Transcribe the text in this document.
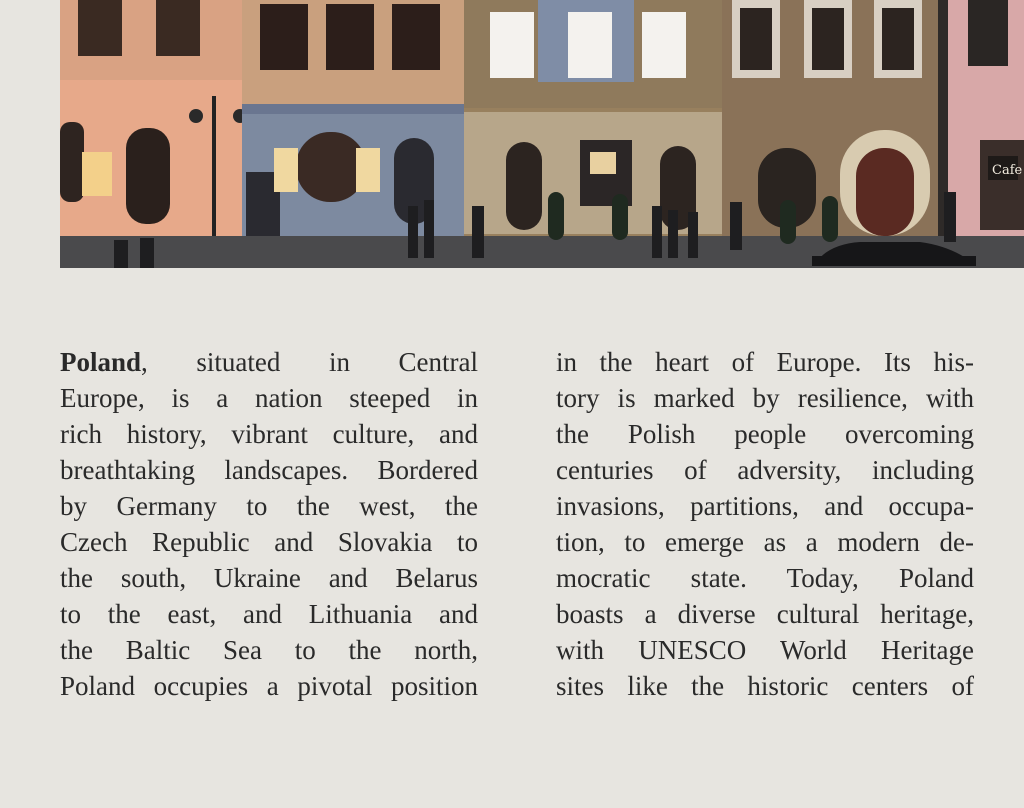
Cafe
Poland, situated in Central
Europe, is a nation steeped in
rich history, vibrant culture, and
breathtaking landscapes. Bordered
by Germany to the west, the
Czech Republic and Slovakia to
the south, Ukraine and Belarus
to the east, and Lithuania and
the Baltic Sea to the north,
Poland occupies a pivotal position
in the heart of Europe. Its his-
tory is marked by resilience, with
the Polish people overcoming
centuries of adversity, including
invasions, partitions, and occupa-
tion, to emerge as a modern de-
mocratic state. Today, Poland
boasts a diverse cultural heritage,
with UNESCO World Heritage
sites like the historic centers of
